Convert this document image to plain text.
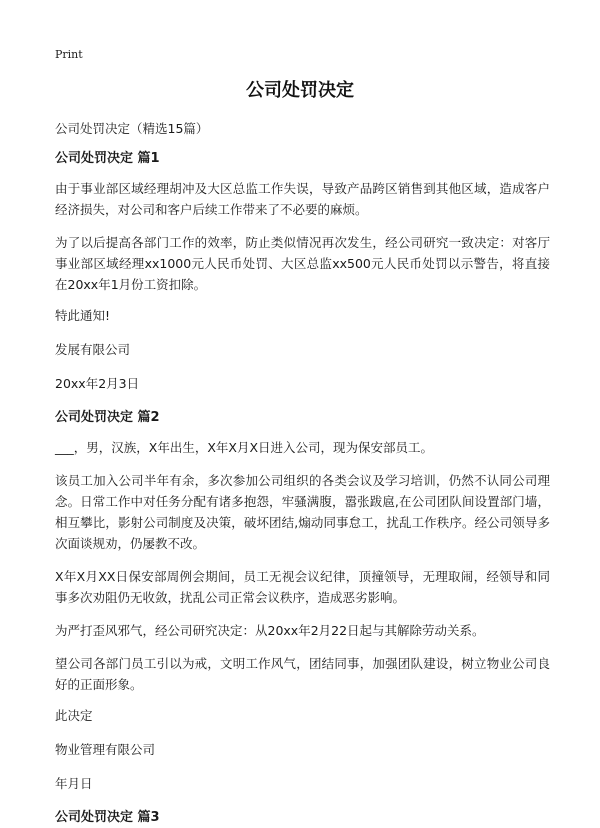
Print
公司处罚决定

公司处罚决定（精选15篇）

公司处罚决定 篇1

由于事业部区域经理胡冲及大区总监工作失误，导致产品跨区销售到其他区域，造成客户经济损失，对公司和客户后续工作带来了不必要的麻烦。

为了以后提高各部门工作的效率，防止类似情况再次发生，经公司研究一致决定：对客厅事业部区域经理xx1000元人民币处罚、大区总监xx500元人民币处罚以示警告，将直接在20xx年1月份工资扣除。

特此通知!

发展有限公司

20xx年2月3日

公司处罚决定 篇2

___，男，汉族，X年出生，X年X月X日进入公司，现为保安部员工。

该员工加入公司半年有余，多次参加公司组织的各类会议及学习培训，仍然不认同公司理念。日常工作中对任务分配有诸多抱怨，牢骚满腹，嚣张跋扈,在公司团队间设置部门墙，相互攀比，影射公司制度及决策，破坏团结,煽动同事怠工，扰乱工作秩序。经公司领导多次面谈规劝，仍屡教不改。

X年X月XX日保安部周例会期间，员工无视会议纪律，顶撞领导，无理取闹，经领导和同事多次劝阻仍无收敛，扰乱公司正常会议秩序，造成恶劣影响。

为严打歪风邪气，经公司研究决定：从20xx年2月22日起与其解除劳动关系。

望公司各部门员工引以为戒，文明工作风气，团结同事，加强团队建设，树立物业公司良好的正面形象。

此决定

物业管理有限公司

年月日

公司处罚决定 篇3
